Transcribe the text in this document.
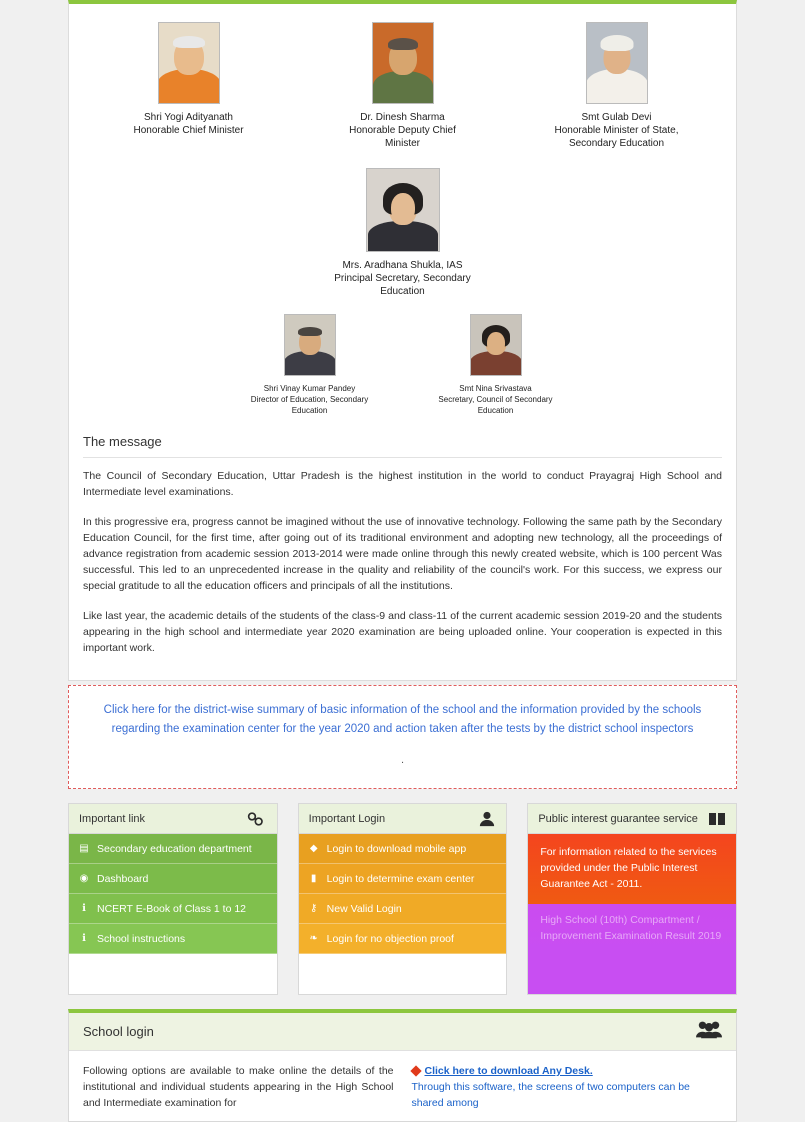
Shri Yogi Adityanath
Honorable Chief Minister
Dr. Dinesh Sharma
Honorable Deputy Chief Minister
Smt Gulab Devi
Honorable Minister of State, Secondary Education
Mrs. Aradhana Shukla, IAS
Principal Secretary, Secondary Education
Shri Vinay Kumar Pandey
Director of Education, Secondary Education
Smt Nina Srivastava
Secretary, Council of Secondary Education
The message

The Council of Secondary Education, Uttar Pradesh is the highest institution in the world to conduct Prayagraj High School and Intermediate level examinations.

In this progressive era, progress cannot be imagined without the use of innovative technology. Following the same path by the Secondary Education Council, for the first time, after going out of its traditional environment and adopting new technology, all the proceedings of advance registration from academic session 2013-2014 were made online through this newly created website, which is 100 percent Was successful. This led to an unprecedented increase in the quality and reliability of the council's work. For this success, we express our special gratitude to all the education officers and principals of all the institutions.

Like last year, the academic details of the students of the class-9 and class-11 of the current academic session 2019-20 and the students appearing in the high school and intermediate year 2020 examination are being uploaded online. Your cooperation is expected in this important work.

Click here for the district-wise summary of basic information of the school and the information provided by the schools regarding the examination center for the year 2020 and action taken after the tests by the district school inspectors
.
Important link
▤ Secondary education department
◉ Dashboard
ℹ NCERT E-Book of Class 1 to 12
ℹ School instructions
Important Login
◆ Login to download mobile app
▮ Login to determine exam center
⚷ New Valid Login
❧ Login for no objection proof
Public interest guarantee service
For information related to the services provided under the Public Interest Guarantee Act - 2011.
High School (10th) Compartment / Improvement Examination Result 2019
School login
Following options are available to make online the details of the institutional and individual students appearing in the High School and Intermediate examination for
Click here to download Any Desk.
Through this software, the screens of two computers can be shared among
